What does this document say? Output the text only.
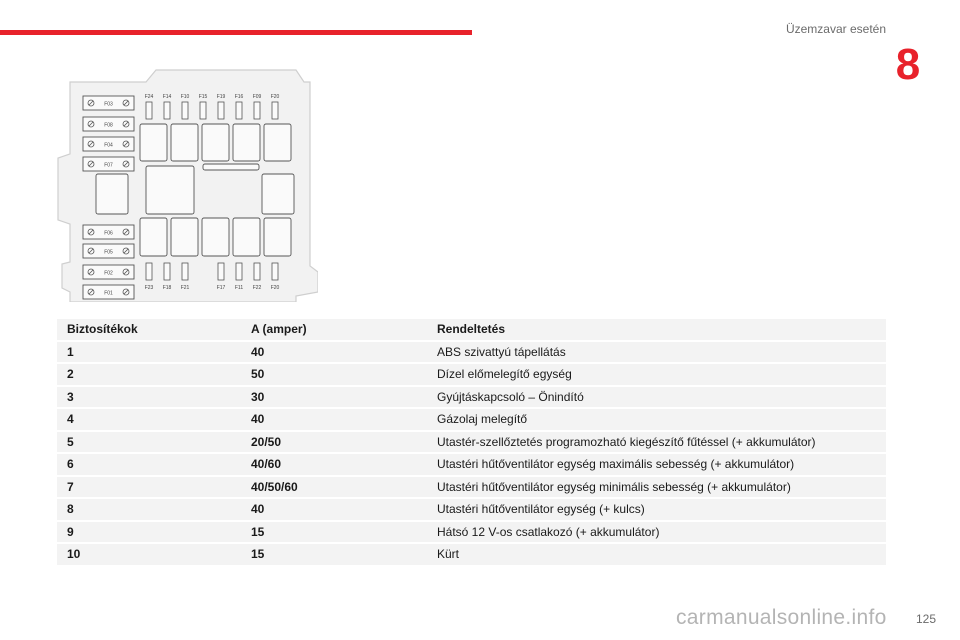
Üzemzavar esetén
8
F03
F08
F04
F07
F06
F05
F02
F01
F24 F14 F10 F15 F19 F16 F09 F20
F23 F18 F21	F17 F11 F22 F20
Biztosítékok	A (amper)	Rendeltetés
1	40	ABS szivattyú tápellátás
2	50	Dízel előmelegítő egység
3	30	Gyújtáskapcsoló – Önindító
4	40	Gázolaj melegítő
5	20/50	Utastér-szellőztetés programozható kiegészítő fűtéssel (+ akkumulátor)
6	40/60	Utastéri hűtőventilátor egység maximális sebesség (+ akkumulátor)
7	40/50/60	Utastéri hűtőventilátor egység minimális sebesség (+ akkumulátor)
8	40	Utastéri hűtőventilátor egység (+ kulcs)
9	15	Hátsó 12 V-os csatlakozó (+ akkumulátor)
10	15	Kürt
125
carmanualsonline.info
